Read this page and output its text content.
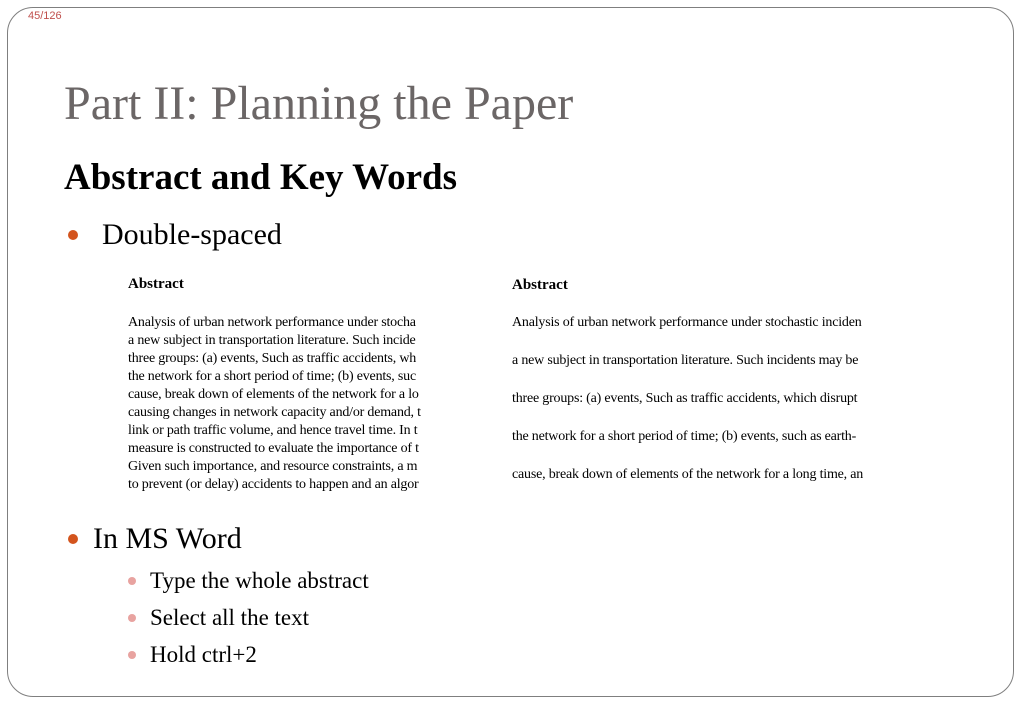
45/126
Part II: Planning the Paper
Abstract and Key Words
Double-spaced
Abstract
Analysis of urban network performance under stocha
a new subject in transportation literature. Such incide
three groups: (a) events, Such as traffic accidents, wh
the network for a short period of time; (b) events, suc
cause, break down of elements of the network for a lo
causing changes in network capacity and/or demand, t
link or path traffic volume, and hence travel time. In t
measure is constructed to evaluate the importance of t
Given such importance, and resource constraints, a m
to prevent (or delay) accidents to happen and an algor
Abstract
Analysis of urban network performance under stochastic inciden
a new subject in transportation literature. Such incidents may be
three groups: (a) events, Such as traffic accidents, which disrupt
the network for a short period of time; (b) events, such as earth-
cause, break down of elements of the network for a long time, an
In MS Word
Type the whole abstract
Select all the text
Hold ctrl+2
